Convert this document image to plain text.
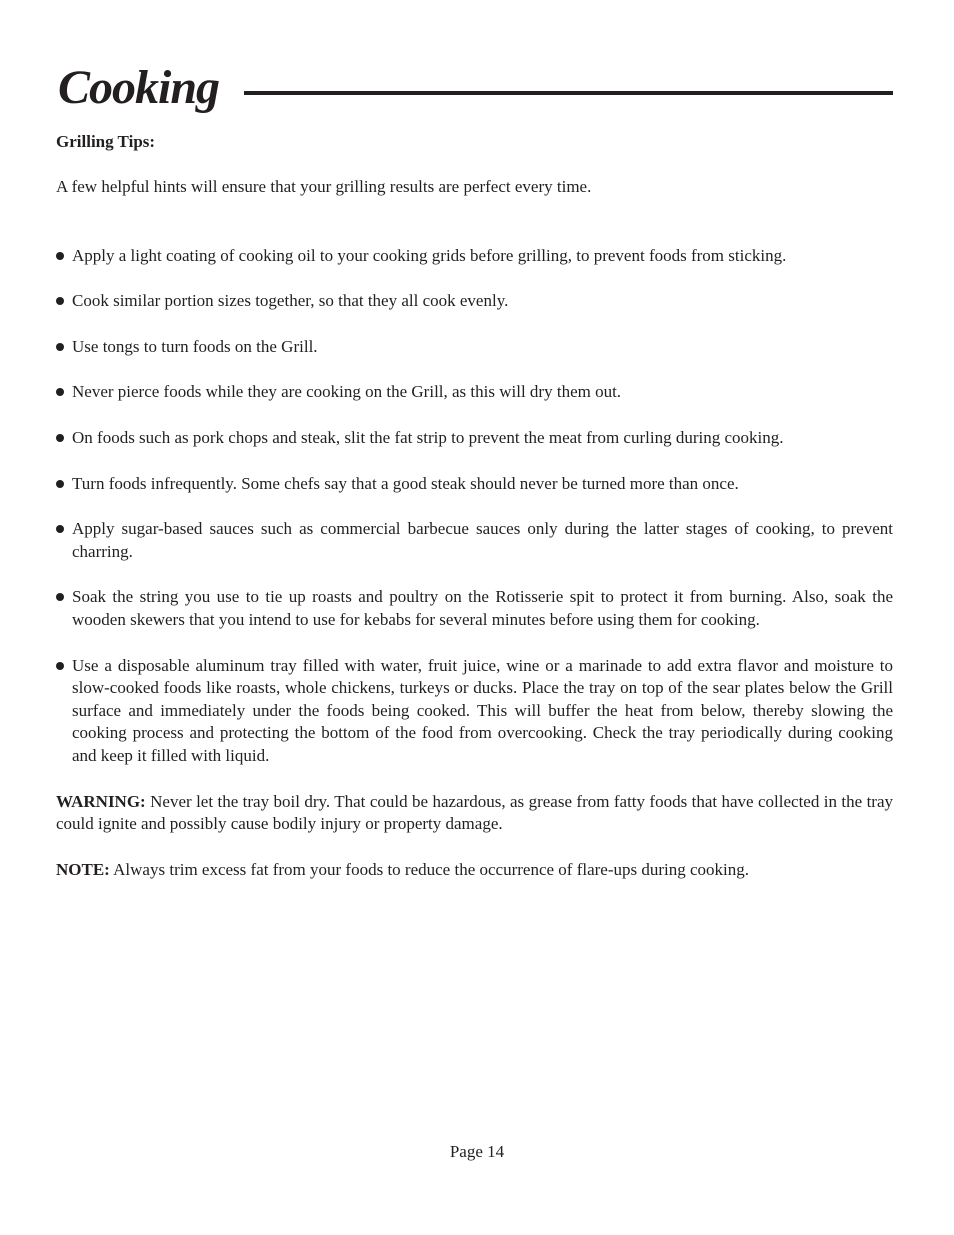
Cooking

Grilling Tips:

A few helpful hints will ensure that your grilling results are perfect every time.

Apply a light coating of cooking oil to your cooking grids before grilling, to prevent foods from sticking.
Cook similar portion sizes together, so that they all cook evenly.
Use tongs to turn foods on the Grill.
Never pierce foods while they are cooking on the Grill, as this will dry them out.
On foods such as pork chops and steak, slit the fat strip to prevent the meat from curling during cooking.
Turn foods infrequently. Some chefs say that a good steak should never be turned more than once.
Apply sugar-based sauces such as commercial barbecue sauces only during the latter stages of cooking, to prevent charring.
Soak the string you use to tie up roasts and poultry on the Rotisserie spit to protect it from burning. Also, soak the wooden skewers that you intend to use for kebabs for several minutes before using them for cooking.
Use a disposable aluminum tray filled with water, fruit juice, wine or a marinade to add extra flavor and moisture to slow-cooked foods like roasts, whole chickens, turkeys or ducks. Place the tray on top of the sear plates below the Grill surface and immediately under the foods being cooked. This will buffer the heat from below, thereby slowing the cooking process and protecting the bottom of the food from overcooking. Check the tray periodically during cooking and keep it filled with liquid.

WARNING: Never let the tray boil dry. That could be hazardous, as grease from fatty foods that have collected in the tray could ignite and possibly cause bodily injury or property damage.

NOTE: Always trim excess fat from your foods to reduce the occurrence of flare-ups during cooking.

Page 14
